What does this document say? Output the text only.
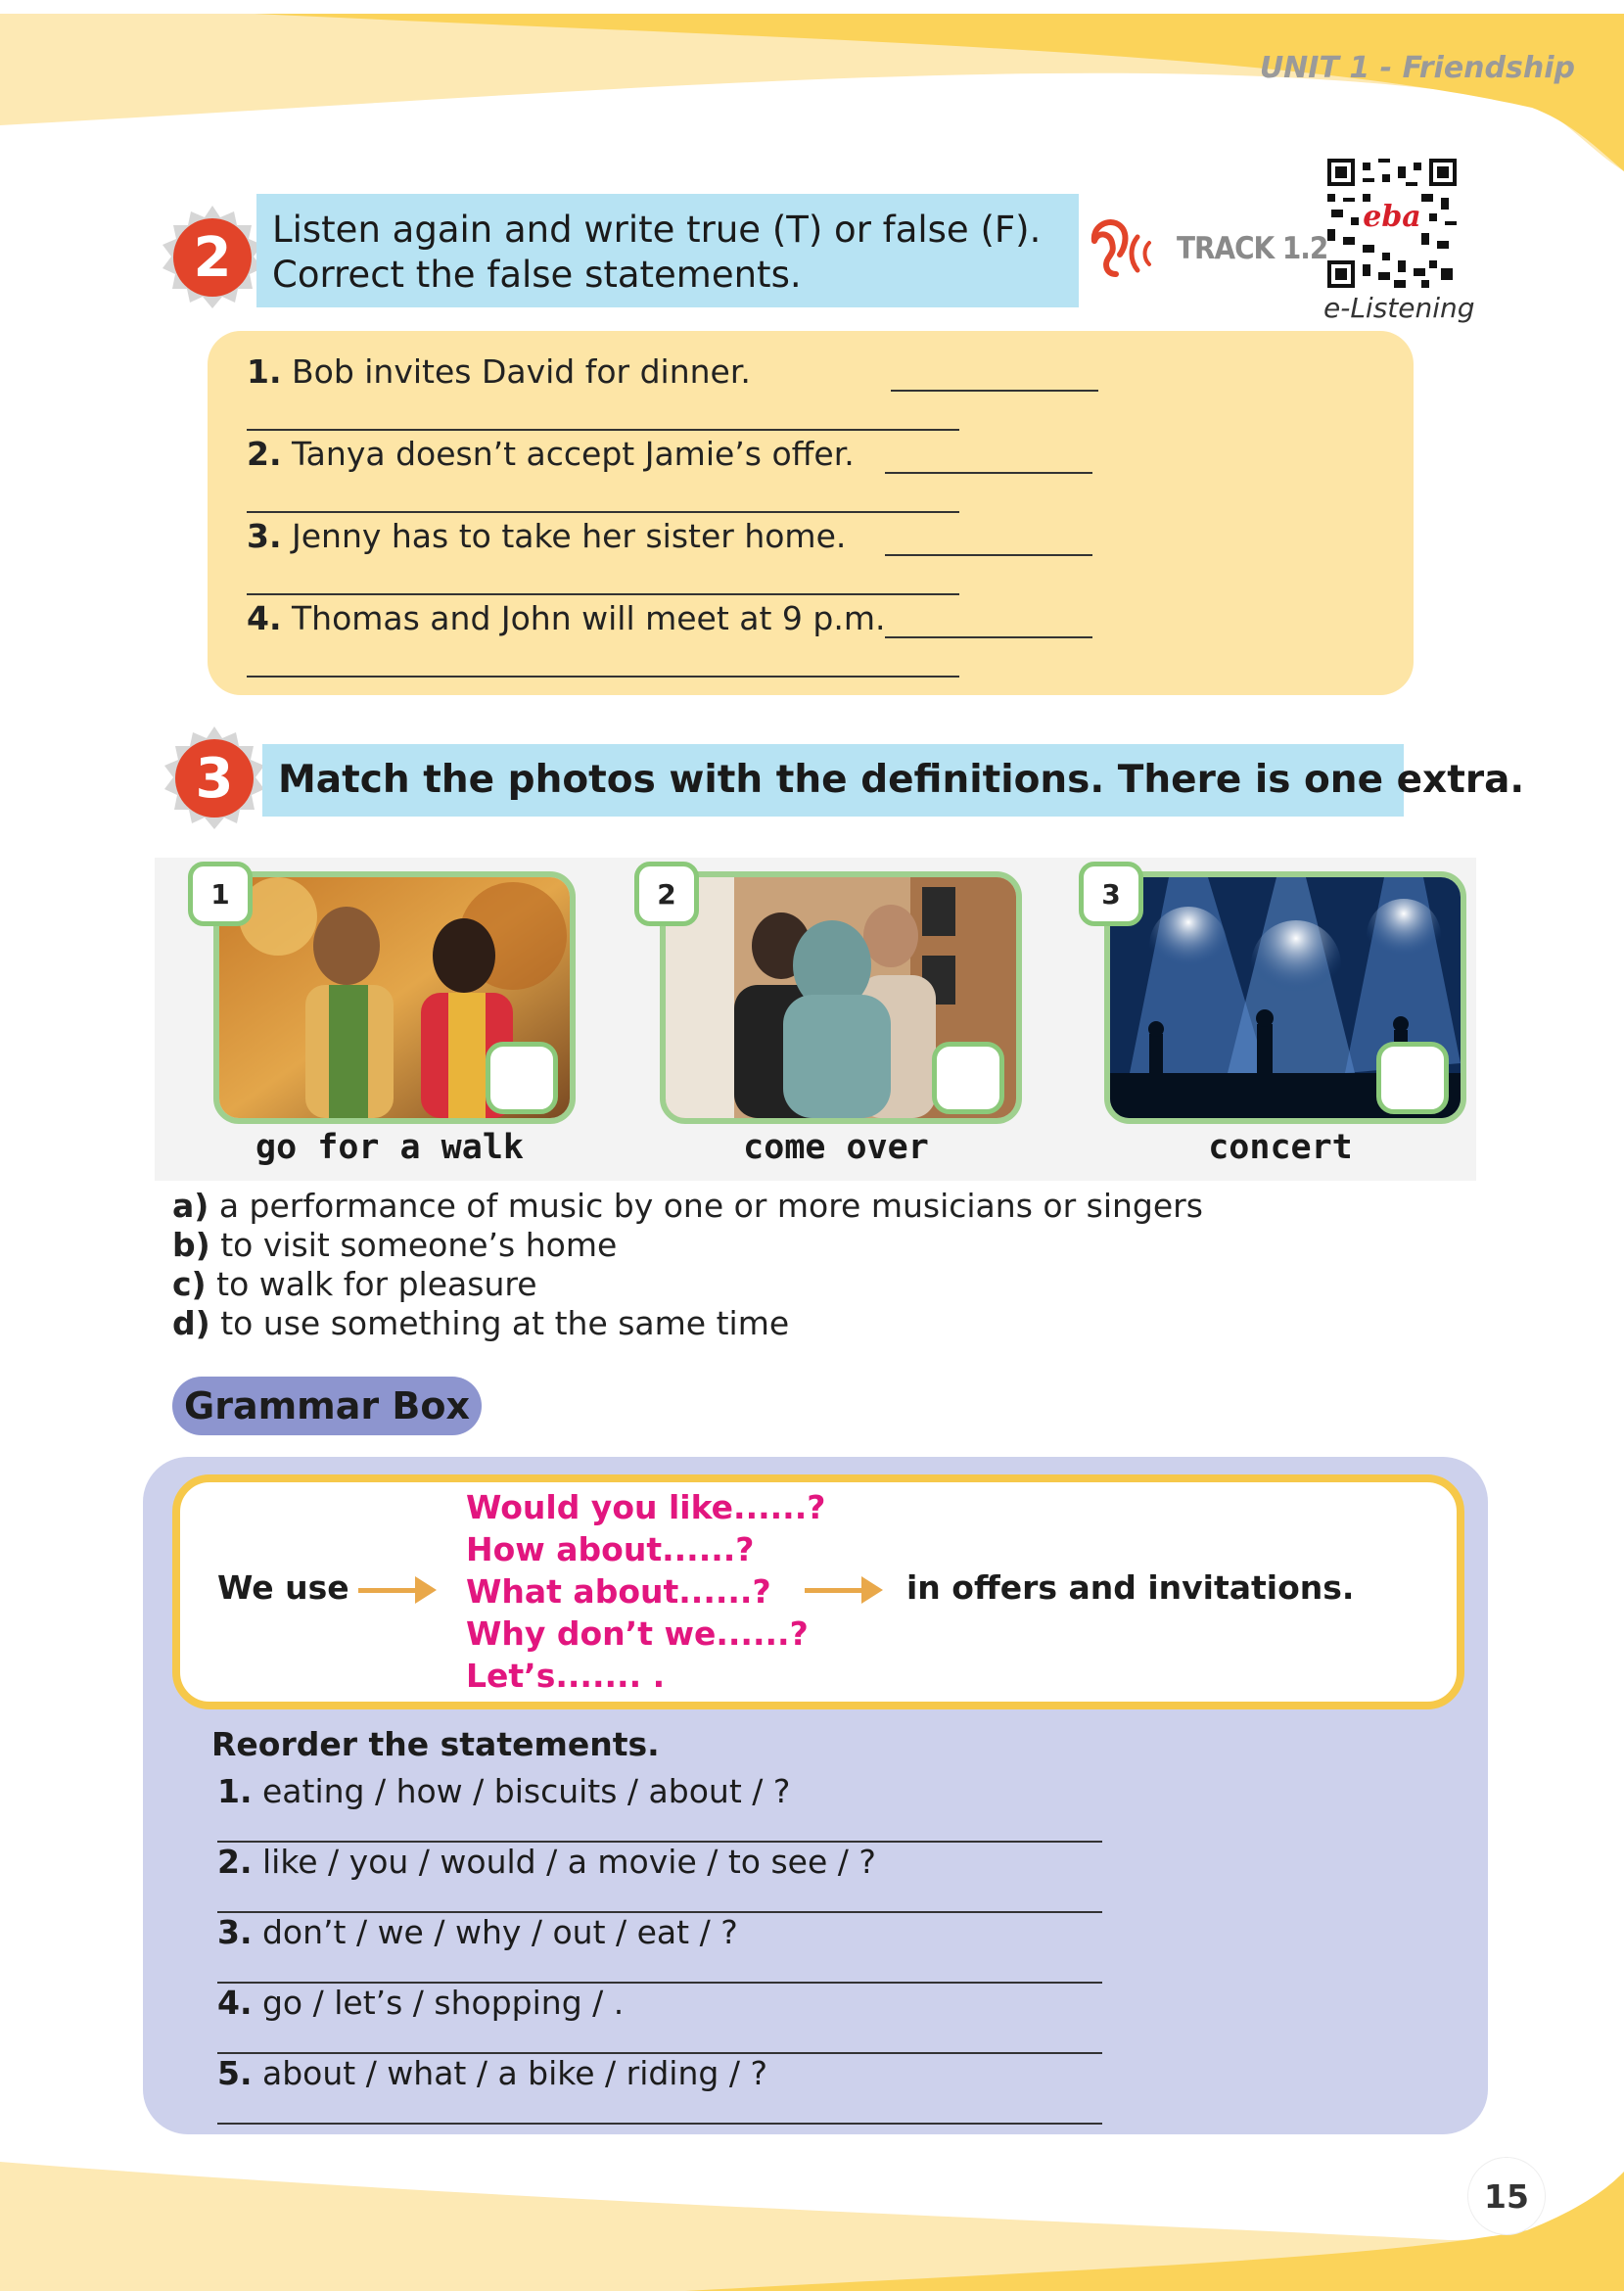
UNIT 1 - Friendship
2	Listen again and write true (T) or false (F).
Correct the false statements.
TRACK 1.2
eba
e-Listening
1. Bob invites David for dinner.
2. Tanya doesn’t accept Jamie’s offer.
3. Jenny has to take her sister home.
4. Thomas and John will meet at 9 p.m.
3	Match the photos with the definitions. There is one extra.
1
go for a walk
2
come over
3
concert
a) a performance of music by one or more musicians or singers
b) to visit someone’s home
c) to walk for pleasure
d) to use something at the same time
Grammar Box
We use
Would you like......?
How about......?
What about......?
Why don’t we......?
Let’s....... .
in offers and invitations.
Reorder the statements.
1. eating / how / biscuits / about / ?
2. like / you / would / a movie / to see / ?
3. don’t / we / why / out / eat / ?
4. go / let’s / shopping / .
5. about / what / a bike / riding / ?
15
